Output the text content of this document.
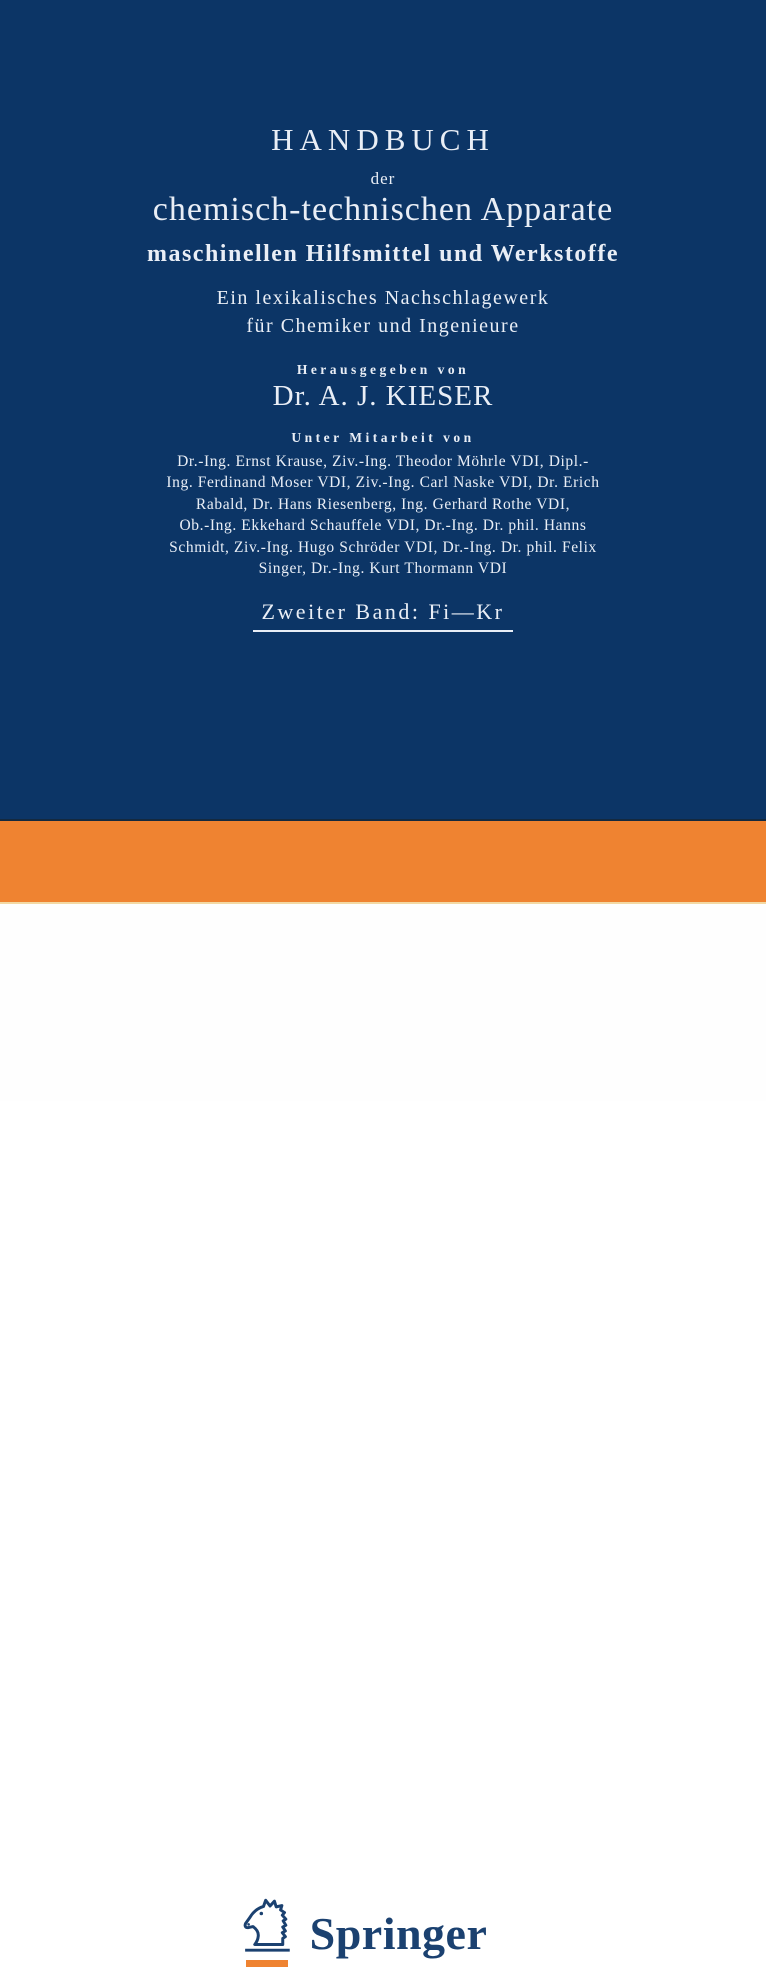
HANDBUCH
der
chemisch-technischen Apparate
maschinellen Hilfsmittel und Werkstoffe
Ein lexikalisches Nachschlagewerk
für Chemiker und Ingenieure
Herausgegeben von
Dr. A. J. KIESER
Unter Mitarbeit von
Dr.-Ing. Ernst Krause, Ziv.-Ing. Theodor Möhrle VDI, Dipl.-
Ing. Ferdinand Moser VDI, Ziv.-Ing. Carl Naske VDI, Dr. Erich
Rabald, Dr. Hans Riesenberg, Ing. Gerhard Rothe VDI,
Ob.-Ing. Ekkehard Schauffele VDI, Dr.-Ing. Dr. phil. Hanns
Schmidt, Ziv.-Ing. Hugo Schröder VDI, Dr.-Ing. Dr. phil. Felix
Singer, Dr.-Ing. Kurt Thormann VDI
Zweiter Band: Fi—Kr
Springer
